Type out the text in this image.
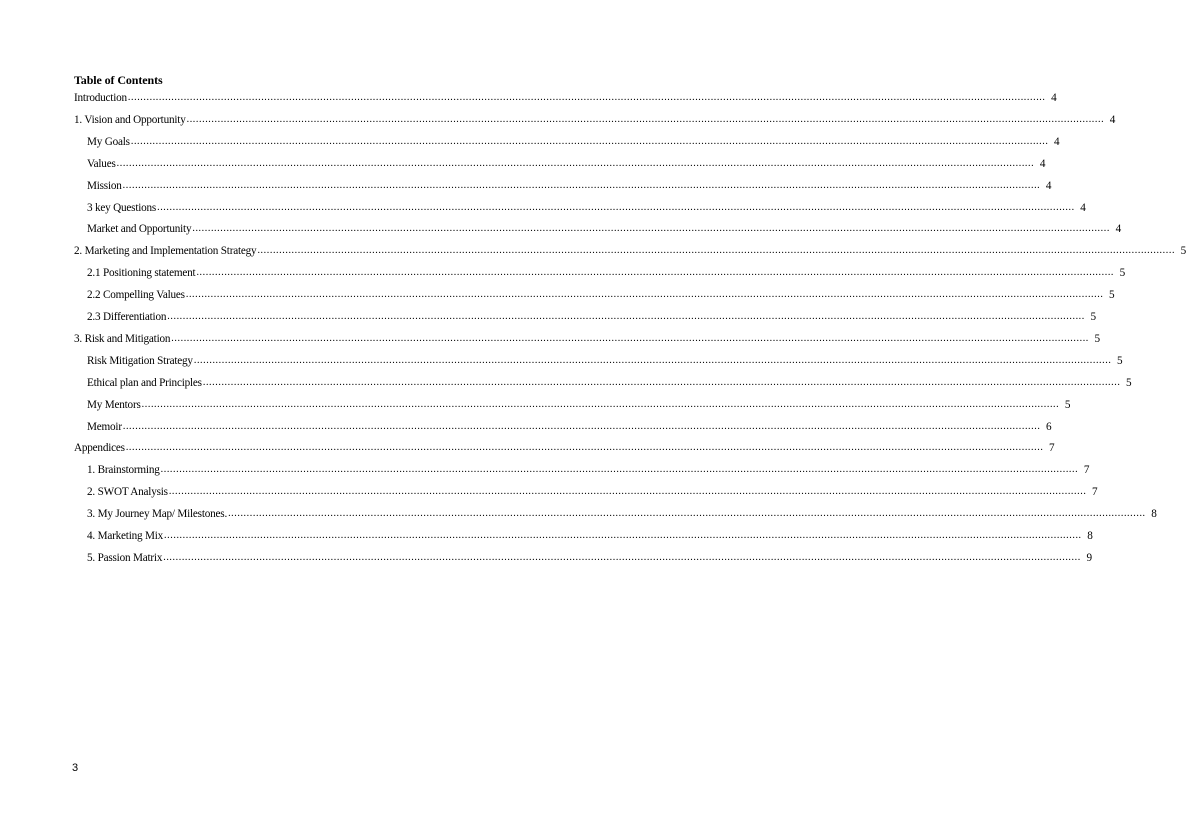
Table of Contents
Introduction ........................................................................................................................................................................................................................................................................................................ 4
1. Vision and Opportunity ........................................................................................................................................................................................................................................................................................................ 4
My Goals ........................................................................................................................................................................................................................................................................................................ 4
Values ........................................................................................................................................................................................................................................................................................................ 4
Mission ........................................................................................................................................................................................................................................................................................................ 4
3 key Questions ........................................................................................................................................................................................................................................................................................................ 4
Market and Opportunity ........................................................................................................................................................................................................................................................................................................ 4
2. Marketing and Implementation Strategy ........................................................................................................................................................................................................................................................................................................ 5
2.1 Positioning statement ........................................................................................................................................................................................................................................................................................................ 5
2.2 Compelling Values ........................................................................................................................................................................................................................................................................................................ 5
2.3 Differentiation ........................................................................................................................................................................................................................................................................................................ 5
3. Risk and Mitigation ........................................................................................................................................................................................................................................................................................................ 5
Risk Mitigation Strategy ........................................................................................................................................................................................................................................................................................................ 5
Ethical plan and Principles ........................................................................................................................................................................................................................................................................................................ 5
My Mentors ........................................................................................................................................................................................................................................................................................................ 5
Memoir ........................................................................................................................................................................................................................................................................................................ 6
Appendices ........................................................................................................................................................................................................................................................................................................ 7
1. Brainstorming ........................................................................................................................................................................................................................................................................................................ 7
2. SWOT Analysis ........................................................................................................................................................................................................................................................................................................ 7
3. My Journey Map/ Milestones. ........................................................................................................................................................................................................................................................................................................ 8
4. Marketing Mix ........................................................................................................................................................................................................................................................................................................ 8
5. Passion Matrix ........................................................................................................................................................................................................................................................................................................ 9
3
